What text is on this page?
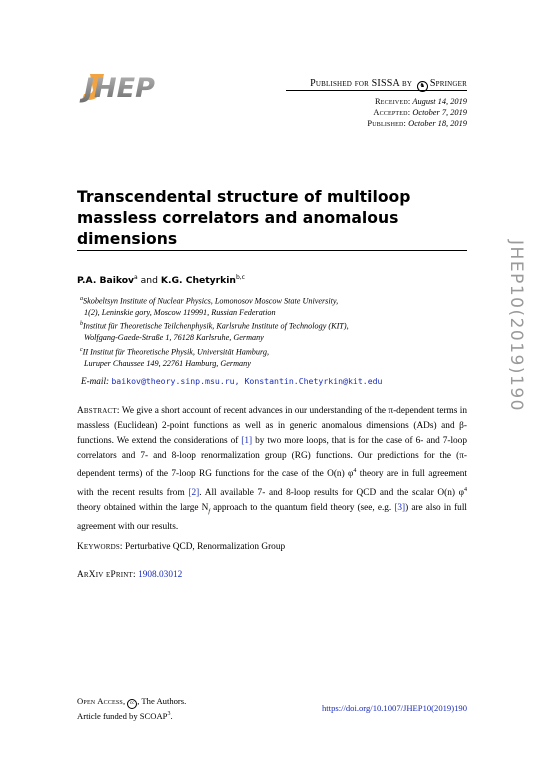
JHEP	Published for SISSA by ♞ Springer
Received: August 14, 2019
Accepted: October 7, 2019
Published: October 18, 2019
JHEP10(2019)190
Transcendental structure of multiloop massless correlators and anomalous dimensions
P.A. Baikov$^a$ and K.G. Chetyrkin$^{b,c}$
$^a$Skobeltsyn Institute of Nuclear Physics, Lomonosov Moscow State University,
1(2), Leninskie gory, Moscow 119991, Russian Federation
$^b$Institut für Theoretische Teilchenphysik, Karlsruhe Institute of Technology (KIT),
Wolfgang-Gaede-Straße 1, 76128 Karlsruhe, Germany
$^c$II Institut für Theoretische Physik, Universität Hamburg,
Luruper Chaussee 149, 22761 Hamburg, Germany
E-mail: baikov@theory.sinp.msu.ru, Konstantin.Chetyrkin@kit.edu
Abstract: We give a short account of recent advances in our understanding of the π-dependent terms in massless (Euclidean) 2-point functions as well as in generic anomalous dimensions (ADs) and β-functions. We extend the considerations of [1] by two more loops, that is for the case of 6- and 7-loop correlators and 7- and 8-loop renormalization group (RG) functions. Our predictions for the (π-dependent terms) of the 7-loop RG functions for the case of the O(n) $\varphi^4$ theory are in full agreement with the recent results from [2]. All available 7- and 8-loop results for QCD and the scalar O(n) $\varphi^4$ theory obtained within the large $N_f$ approach to the quantum field theory (see, e.g. [3]) are also in full agreement with our results.
Keywords: Perturbative QCD, Renormalization Group
ArXiv ePrint: 1908.03012
Open Access, cc , The Authors.
Article funded by SCOAP$^3$.
https://doi.org/10.1007/JHEP10(2019)190
